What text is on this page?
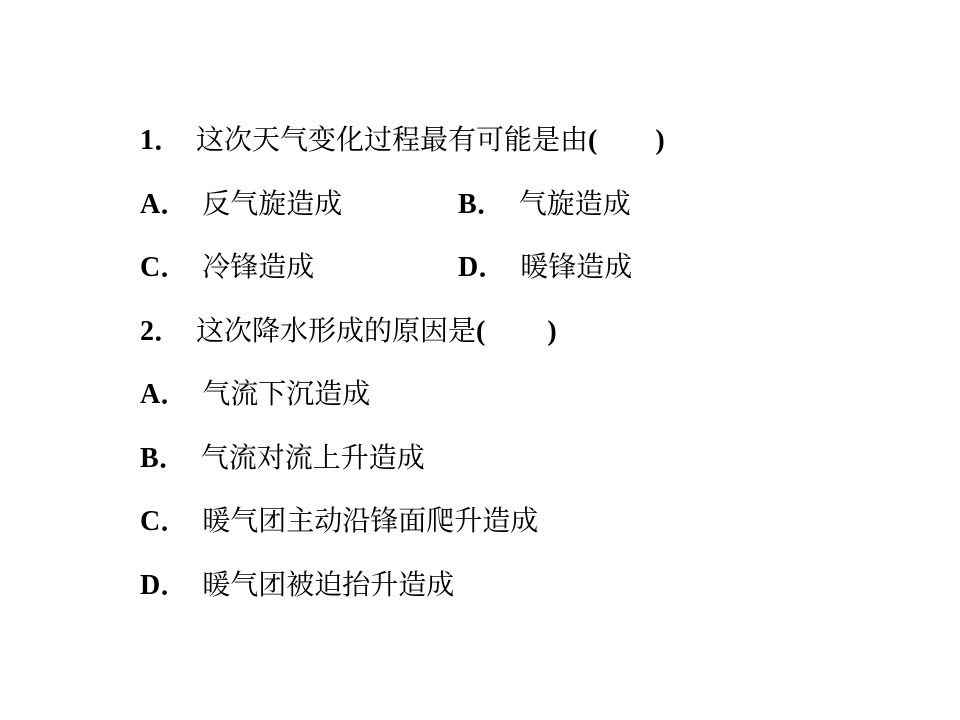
1． 这次天气变化过程最有可能是由( )
A． 反气旋造成	B． 气旋造成
C． 冷锋造成	D． 暖锋造成
2． 这次降水形成的原因是( )
A． 气流下沉造成
B． 气流对流上升造成
C． 暖气团主动沿锋面爬升造成
D． 暖气团被迫抬升造成
